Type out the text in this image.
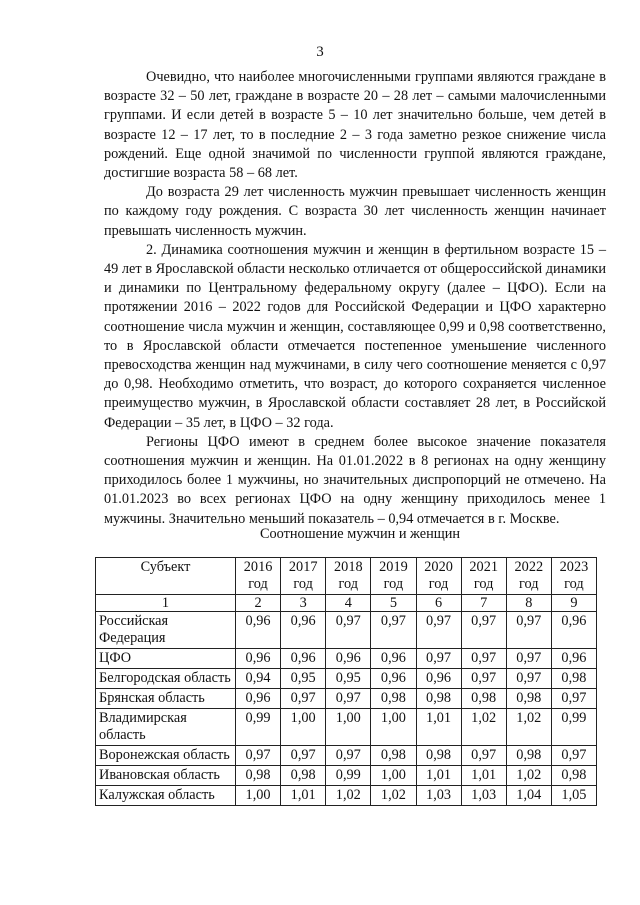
3

Очевидно, что наиболее многочисленными группами являются граждане в возрасте 32 – 50 лет, граждане в возрасте 20 – 28 лет – самыми малочисленными группами. И если детей в возрасте 5 – 10 лет значительно больше, чем детей в возрасте 12 – 17 лет, то в последние 2 – 3 года заметно резкое снижение числа рождений. Еще одной значимой по численности группой являются граждане, достигшие возраста 58 – 68 лет.

До возраста 29 лет численность мужчин превышает численность женщин по каждому году рождения. С возраста 30 лет численность женщин начинает превышать численность мужчин.

2. Динамика соотношения мужчин и женщин в фертильном возрасте 15 – 49 лет в Ярославской области несколько отличается от общероссийской динамики и динамики по Центральному федеральному округу (далее – ЦФО). Если на протяжении 2016 – 2022 годов для Российской Федерации и ЦФО характерно соотношение числа мужчин и женщин, составляющее 0,99 и 0,98 соответственно, то в Ярославской области отмечается постепенное уменьшение численного превосходства женщин над мужчинами, в силу чего соотношение меняется с 0,97 до 0,98. Необходимо отметить, что возраст, до которого сохраняется численное преимущество мужчин, в Ярославской области составляет 28 лет, в Российской Федерации – 35 лет, в ЦФО – 32 года.

Регионы ЦФО имеют в среднем более высокое значение показателя соотношения мужчин и женщин. На 01.01.2022 в 8 регионах на одну женщину приходилось более 1 мужчины, но значительных диспропорций не отмечено. На 01.01.2023 во всех регионах ЦФО на одну женщину приходилось менее 1 мужчины. Значительно меньший показатель – 0,94 отмечается в г. Москве.

Соотношение мужчин и женщин
Субъект	2016 год	2017 год	2018 год	2019 год	2020 год	2021 год	2022 год	2023 год
1	2	3	4	5	6	7	8	9
Российская Федерация	0,96	0,96	0,97	0,97	0,97	0,97	0,97	0,96
ЦФО	0,96	0,96	0,96	0,96	0,97	0,97	0,97	0,96
Белгородская область	0,94	0,95	0,95	0,96	0,96	0,97	0,97	0,98
Брянская область	0,96	0,97	0,97	0,98	0,98	0,98	0,98	0,97
Владимирская область	0,99	1,00	1,00	1,00	1,01	1,02	1,02	0,99
Воронежская область	0,97	0,97	0,97	0,98	0,98	0,97	0,98	0,97
Ивановская область	0,98	0,98	0,99	1,00	1,01	1,01	1,02	0,98
Калужская область	1,00	1,01	1,02	1,02	1,03	1,03	1,04	1,05
